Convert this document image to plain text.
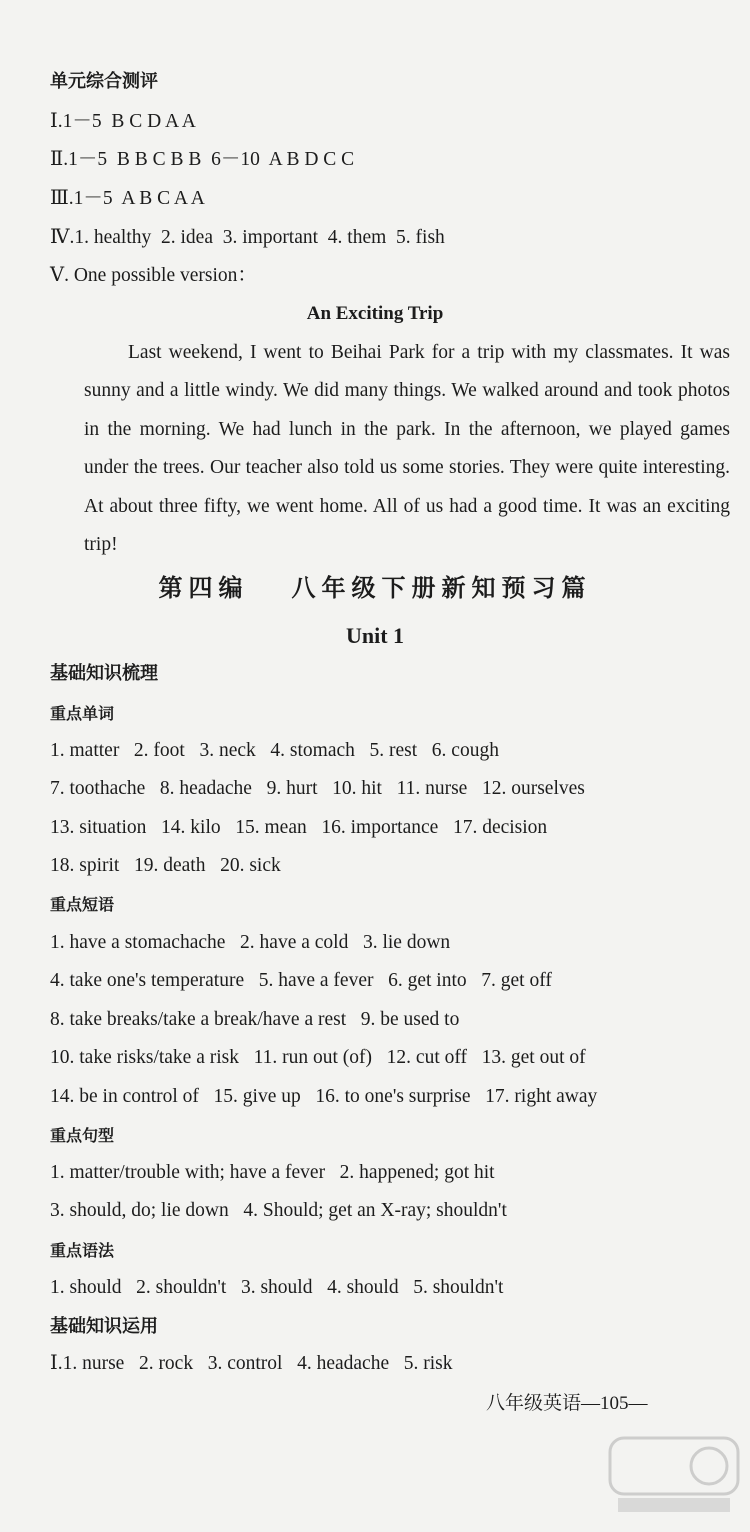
单元综合测评
Ⅰ.1－5  B C D A A
Ⅱ.1－5  B B C B B  6－10  A B D C C
Ⅲ.1－5  A B C A A
Ⅳ.1. healthy  2. idea  3. important  4. them  5. fish
Ⅴ. One possible version：
An Exciting Trip
Last weekend, I went to Beihai Park for a trip with my classmates. It was sunny and a little windy. We did many things. We walked around and took photos in the morning. We had lunch in the park. In the afternoon, we played games under the trees. Our teacher also told us some stories. They were quite interesting. At about three fifty, we went home. All of us had a good time. It was an exciting trip!
第四编   八年级下册新知预习篇
Unit 1
基础知识梳理
重点单词
1. matter   2. foot   3. neck   4. stomach   5. rest   6. cough
7. toothache   8. headache   9. hurt   10. hit   11. nurse   12. ourselves
13. situation   14. kilo   15. mean   16. importance   17. decision
18. spirit   19. death   20. sick
重点短语
1. have a stomachache   2. have a cold   3. lie down
4. take one's temperature   5. have a fever   6. get into   7. get off
8. take breaks/take a break/have a rest   9. be used to
10. take risks/take a risk   11. run out (of)   12. cut off   13. get out of
14. be in control of   15. give up   16. to one's surprise   17. right away
重点句型
1. matter/trouble with; have a fever   2. happened; got hit
3. should, do; lie down   4. Should; get an X-ray; shouldn't
重点语法
1. should   2. shouldn't   3. should   4. should   5. shouldn't
基础知识运用
Ⅰ.1. nurse   2. rock   3. control   4. headache   5. risk
八年级英语—105—
